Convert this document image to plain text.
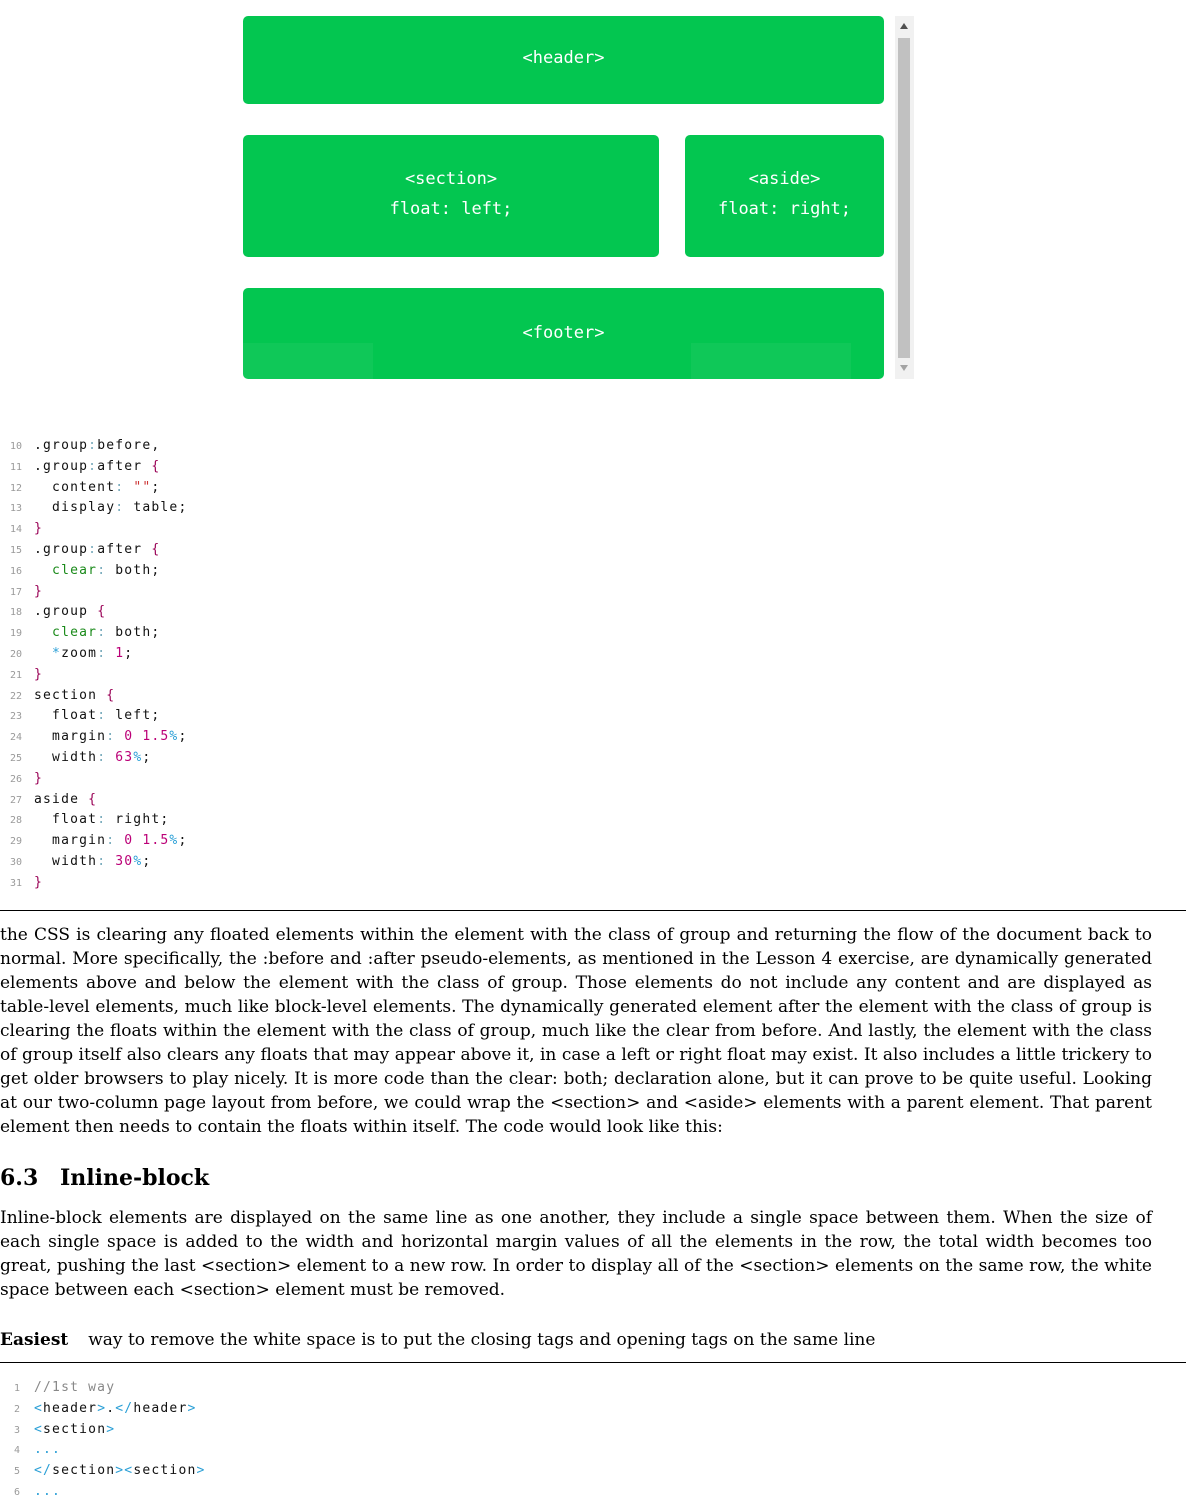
<header>
<section>
float: left;
<aside>
float: right;
<footer>
10 .group:before,
11 .group:after {
12  content: "";
13  display: table;
14 }
15 .group:after {
16  clear: both;
17 }
18 .group {
19  clear: both;
20  *zoom: 1;
21 }
22 section {
23  float: left;
24  margin: 0 1.5%;
25  width: 63%;
26 }
27 aside {
28  float: right;
29  margin: 0 1.5%;
30  width: 30%;
31 }

the CSS is clearing any floated elements within the element with the class of group and returning the flow of the document back to normal. More specifically, the :before and :after pseudo-elements, as mentioned in the Lesson 4 exercise, are dynamically generated elements above and below the element with the class of group. Those elements do not include any content and are displayed as table-level elements, much like block-level elements. The dynamically generated element after the element with the class of group is clearing the floats within the element with the class of group, much like the clear from before. And lastly, the element with the class of group itself also clears any floats that may appear above it, in case a left or right float may exist. It also includes a little trickery to get older browsers to play nicely. It is more code than the clear: both; declaration alone, but it can prove to be quite useful. Looking at our two-column page layout from before, we could wrap the <section> and <aside> elements with a parent element. That parent element then needs to contain the floats within itself. The code would look like this:

6.3 Inline-block

Inline-block elements are displayed on the same line as one another, they include a single space between them. When the size of each single space is added to the width and horizontal margin values of all the elements in the row, the total width becomes too great, pushing the last <section> element to a new row. In order to display all of the <section> elements on the same row, the white space between each <section> element must be removed.

Easiest way to remove the white space is to put the closing tags and opening tags on the same line

1 //1st way
2 <header>.</header>
3 <section>
4 ...
5 </section><section>
6 ...
